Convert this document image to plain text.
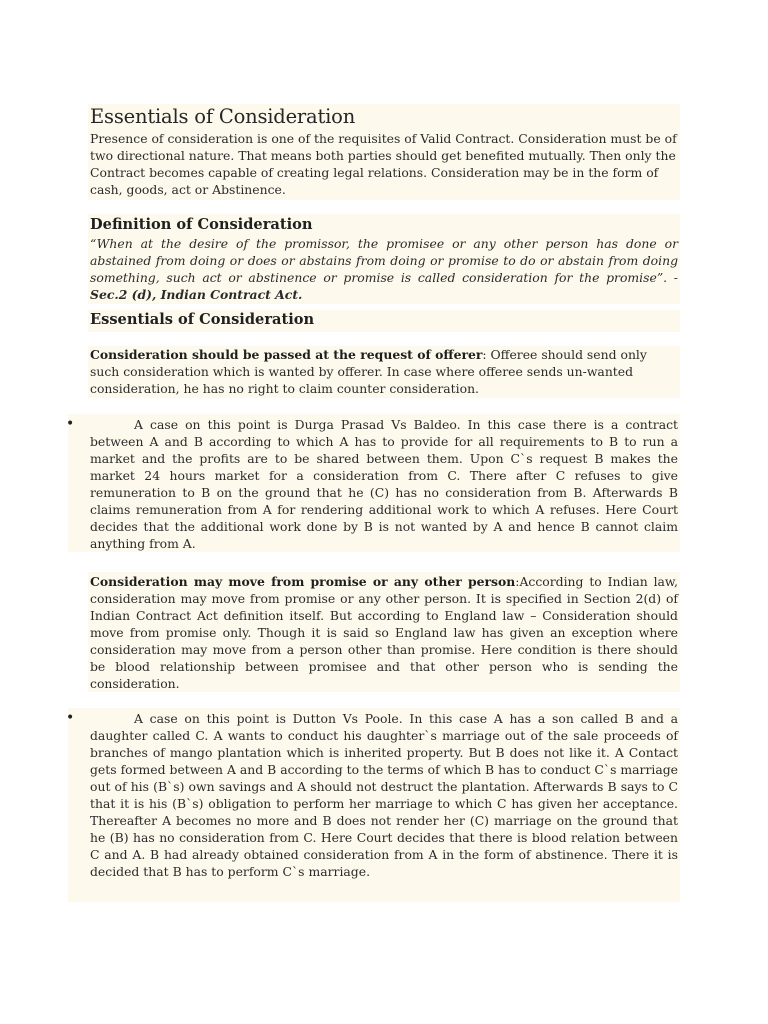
Essentials of Consideration

Presence of consideration is one of the requisites of Valid Contract. Consideration must be of two directional nature. That means both parties should get benefited mutually. Then only the Contract becomes capable of creating legal relations. Consideration may be in the form of cash, goods, act or Abstinence.

Definition of Consideration

“When at the desire of the promissor, the promisee or any other person has done or abstained from doing or does or abstains from doing or promise to do or abstain from doing something, such act or abstinence or promise is called consideration for the promise”. - Sec.2 (d), Indian Contract Act.

Essentials of Consideration

Consideration should be passed at the request of offerer: Offeree should send only such consideration which is wanted by offerer. In case where offeree sends un-wanted consideration, he has no right to claim counter consideration.

•	A case on this point is Durga Prasad Vs Baldeo. In this case there is a contract between A and B according to which A has to provide for all requirements to B to run a market and the profits are to be shared between them. Upon C`s request B makes the market 24 hours market for a consideration from C. There after C refuses to give remuneration to B on the ground that he (C) has no consideration from B. Afterwards B claims remuneration from A for rendering additional work to which A refuses. Here Court decides that the additional work done by B is not wanted by A and hence B cannot claim anything from A.

Consideration may move from promise or any other person:According to Indian law, consideration may move from promise or any other person. It is specified in Section 2(d) of Indian Contract Act definition itself. But according to England law – Consideration should move from promise only. Though it is said so England law has given an exception where consideration may move from a person other than promise. Here condition is there should be blood relationship between promisee and that other person who is sending the consideration.

•	A case on this point is Dutton Vs Poole. In this case A has a son called B and a daughter called C. A wants to conduct his daughter`s marriage out of the sale proceeds of branches of mango plantation which is inherited property. But B does not like it. A Contact gets formed between A and B according to the terms of which B has to conduct C`s marriage out of his (B`s) own savings and A should not destruct the plantation. Afterwards B says to C that it is his (B`s) obligation to perform her marriage to which C has given her acceptance. Thereafter A becomes no more and B does not render her (C) marriage on the ground that he (B) has no consideration from C. Here Court decides that there is blood relation between C and A. B had already obtained consideration from A in the form of abstinence. There it is decided that B has to perform C`s marriage.
